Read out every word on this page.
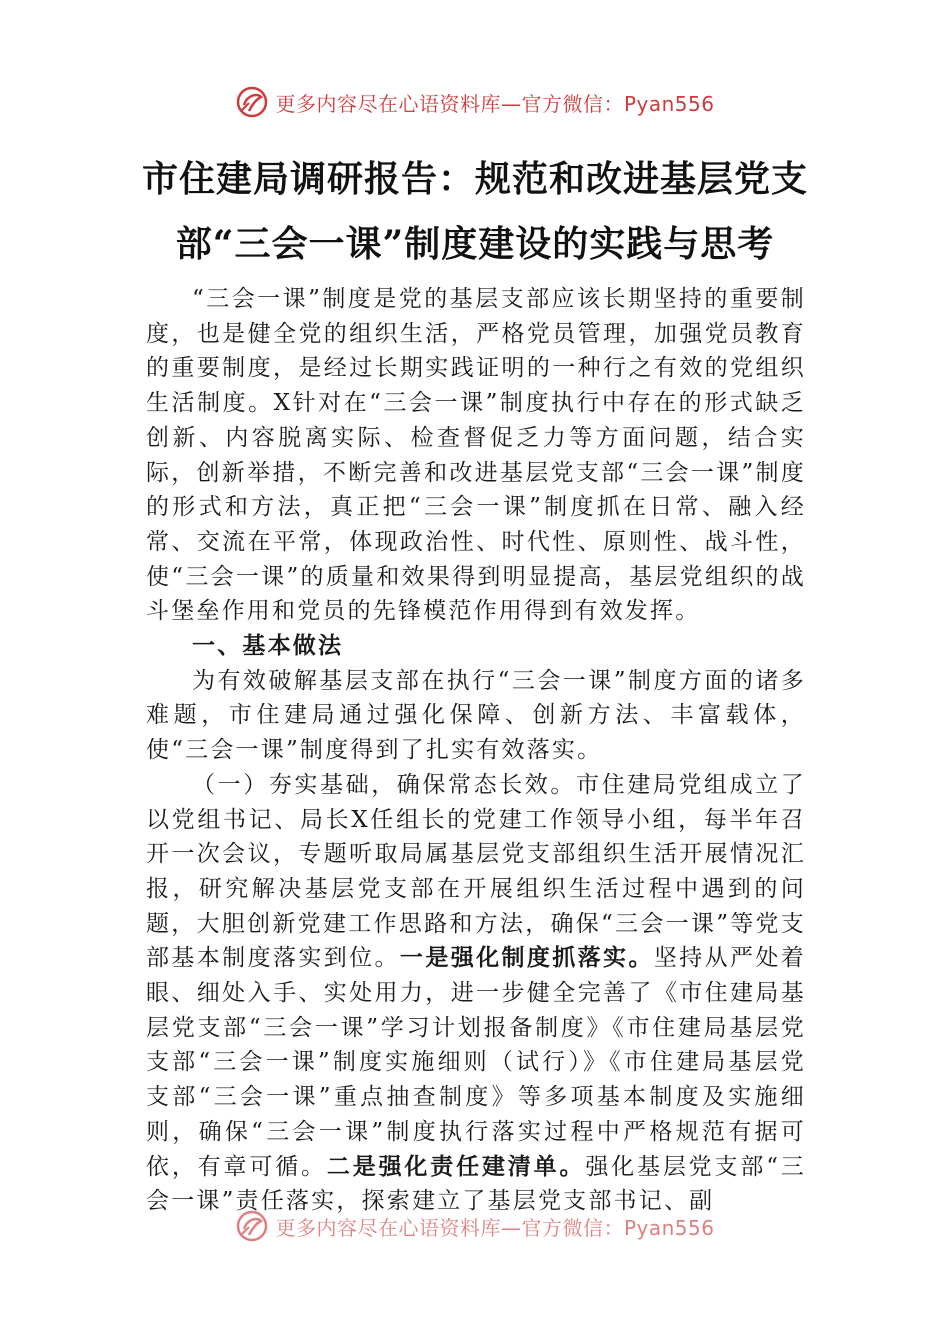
更多内容尽在心语资料库—官方微信：Pyan556
市住建局调研报告：规范和改进基层党支
部“三会一课”制度建设的实践与思考

“三会一课”制度是党的基层支部应该长期坚持的重要制度，也是健全党的组织生活，严格党员管理，加强党员教育的重要制度，是经过长期实践证明的一种行之有效的党组织生活制度。X针对在“三会一课”制度执行中存在的形式缺乏创新、内容脱离实际、检查督促乏力等方面问题，结合实际，创新举措，不断完善和改进基层党支部“三会一课”制度的形式和方法，真正把“三会一课”制度抓在日常、融入经常、交流在平常，体现政治性、时代性、原则性、战斗性，使“三会一课”的质量和效果得到明显提高，基层党组织的战斗堡垒作用和党员的先锋模范作用得到有效发挥。

一、基本做法

为有效破解基层支部在执行“三会一课”制度方面的诸多难题，市住建局通过强化保障、创新方法、丰富载体，使“三会一课”制度得到了扎实有效落实。

（一）夯实基础，确保常态长效。市住建局党组成立了以党组书记、局长X任组长的党建工作领导小组，每半年召开一次会议，专题听取局属基层党支部组织生活开展情况汇报，研究解决基层党支部在开展组织生活过程中遇到的问题，大胆创新党建工作思路和方法，确保“三会一课”等党支部基本制度落实到位。一是强化制度抓落实。坚持从严处着眼、细处入手、实处用力，进一步健全完善了《市住建局基层党支部“三会一课”学习计划报备制度》《市住建局基层党支部“三会一课”制度实施细则（试行）》《市住建局基层党支部“三会一课”重点抽查制度》等多项基本制度及实施细则，确保“三会一课”制度执行落实过程中严格规范有据可依，有章可循。二是强化责任建清单。强化基层党支部“三会一课”责任落实，探索建立了基层党支部书记、副

更多内容尽在心语资料库—官方微信：Pyan556
